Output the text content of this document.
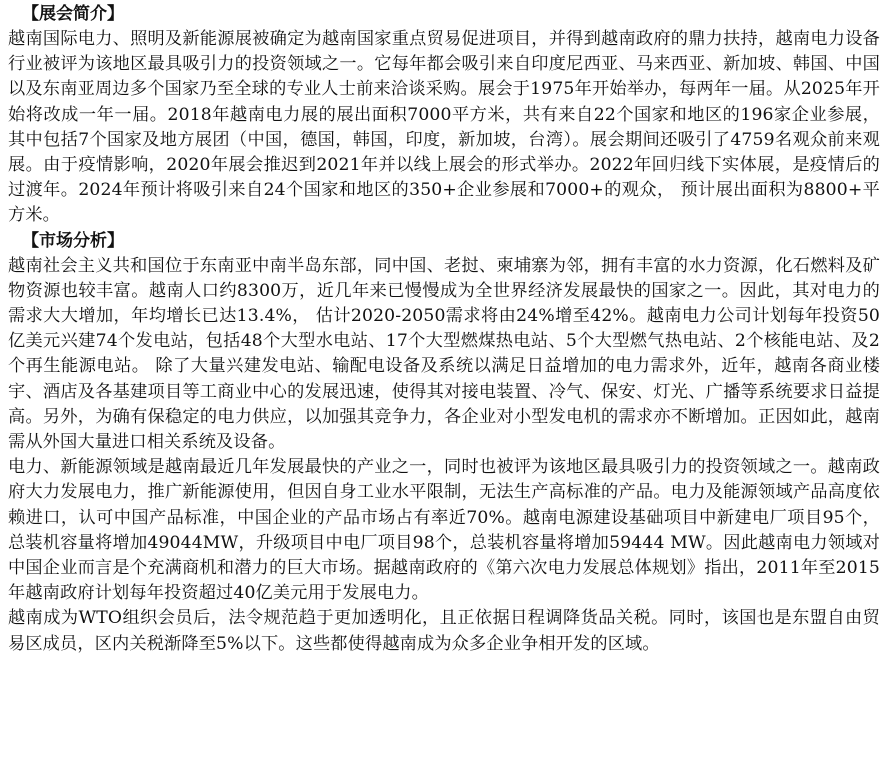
【展会简介】

越南国际电力、照明及新能源展被确定为越南国家重点贸易促进项目，并得到越南政府的鼎力扶持，越南电力设备行业被评为该地区最具吸引力的投资领域之一。它每年都会吸引来自印度尼西亚、马来西亚、新加坡、韩国、中国以及东南亚周边多个国家乃至全球的专业人士前来洽谈采购。展会于1975年开始举办，每两年一届。从2025年开始将改成一年一届。2018年越南电力展的展出面积7000平方米，共有来自22个国家和地区的196家企业参展，其中包括7个国家及地方展团（中国，德国，韩国，印度，新加坡，台湾）。展会期间还吸引了4759名观众前来观展。由于疫情影响，2020年展会推迟到2021年并以线上展会的形式举办。2022年回归线下实体展，是疫情后的过渡年。2024年预计将吸引来自24个国家和地区的350+企业参展和7000+的观众， 预计展出面积为8800+平方米。

【市场分析】

越南社会主义共和国位于东南亚中南半岛东部，同中国、老挝、柬埔寨为邻，拥有丰富的水力资源，化石燃料及矿物资源也较丰富。越南人口约8300万，近几年来已慢慢成为全世界经济发展最快的国家之一。因此，其对电力的需求大大增加，年均增长已达13.4%， 估计2020-2050需求将由24%增至42%。越南电力公司计划每年投资50亿美元兴建74个发电站，包括48个大型水电站、17个大型燃煤热电站、5个大型燃气热电站、2个核能电站、及2个再生能源电站。 除了大量兴建发电站、输配电设备及系统以满足日益增加的电力需求外，近年，越南各商业楼宇、酒店及各基建项目等工商业中心的发展迅速，使得其对接电装置、冷气、保安、灯光、广播等系统要求日益提高。另外，为确有保稳定的电力供应，以加强其竞争力，各企业对小型发电机的需求亦不断增加。正因如此，越南需从外国大量进口相关系统及设备。

电力、新能源领域是越南最近几年发展最快的产业之一，同时也被评为该地区最具吸引力的投资领域之一。越南政府大力发展电力，推广新能源使用，但因自身工业水平限制，无法生产高标准的产品。电力及能源领域产品高度依赖进口，认可中国产品标准，中国企业的产品市场占有率近70%。越南电源建设基础项目中新建电厂项目95个，总装机容量将增加49044MW，升级项目中电厂项目98个，总装机容量将增加59444 MW。因此越南电力领域对中国企业而言是个充满商机和潜力的巨大市场。据越南政府的《第六次电力发展总体规划》指出，2011年至2015年越南政府计划每年投资超过40亿美元用于发展电力。

越南成为WTO组织会员后，法令规范趋于更加透明化，且正依据日程调降货品关税。同时，该国也是东盟自由贸易区成员，区内关税渐降至5%以下。这些都使得越南成为众多企业争相开发的区域。
